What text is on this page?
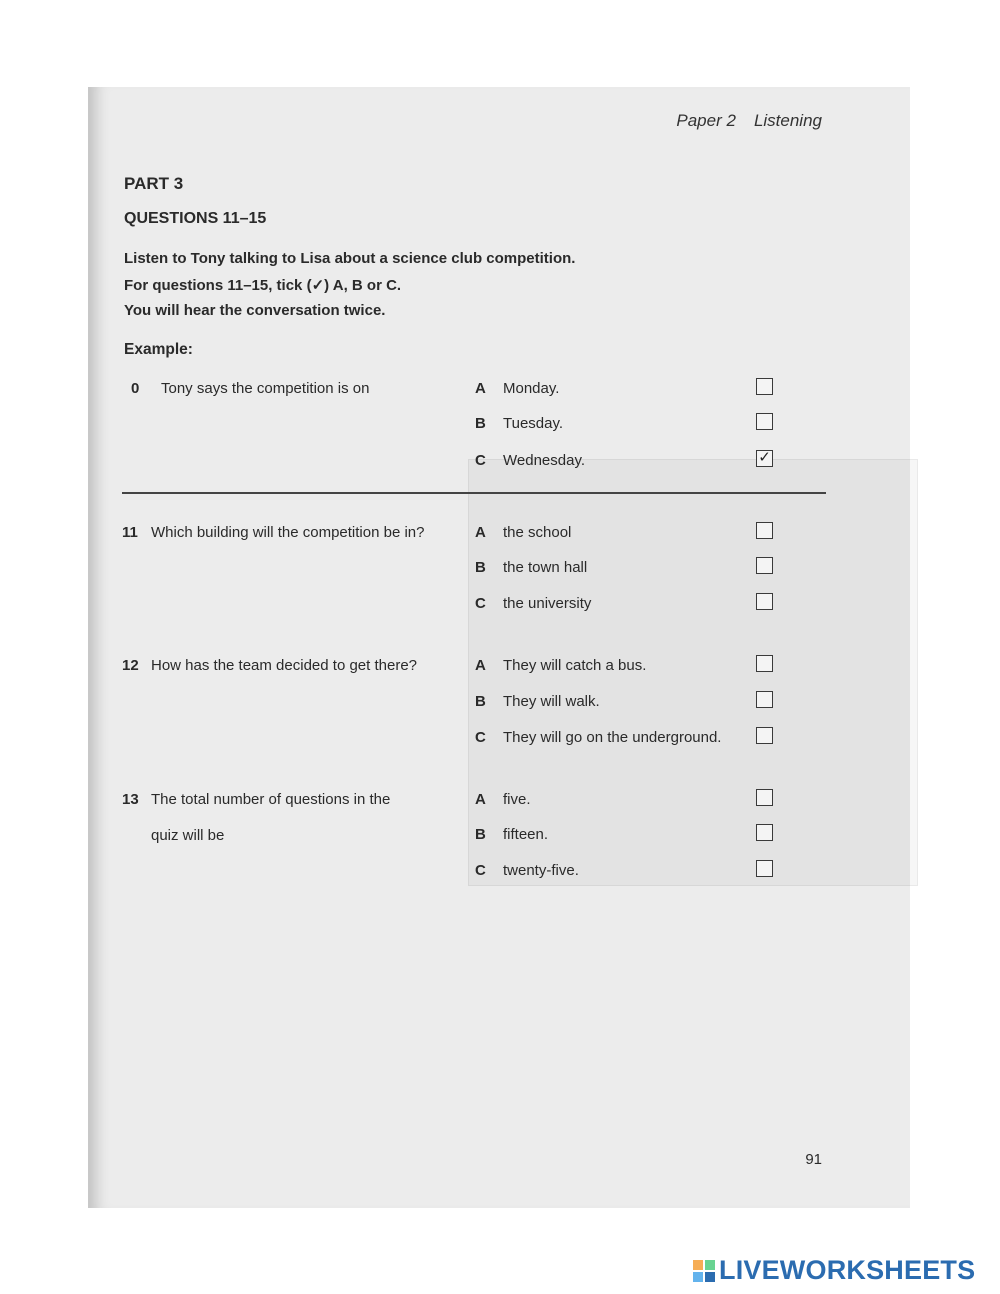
Paper 2 Listening
PART 3
QUESTIONS 11–15
Listen to Tony talking to Lisa about a science club competition.
For questions 11–15, tick (✓) A, B or C.
You will hear the conversation twice.
Example:
0 Tony says the competition is on	A Monday.
B Tuesday.
C Wednesday.	✓
11 Which building will the competition be in?	A the school
B the town hall
C the university
12 How has the team decided to get there?	A They will catch a bus.
B They will walk.
C They will go on the underground.
13 The total number of questions in the
quiz will be
A five.
B fifteen.
C twenty-five.
91
LIVEWORKSHEETS
